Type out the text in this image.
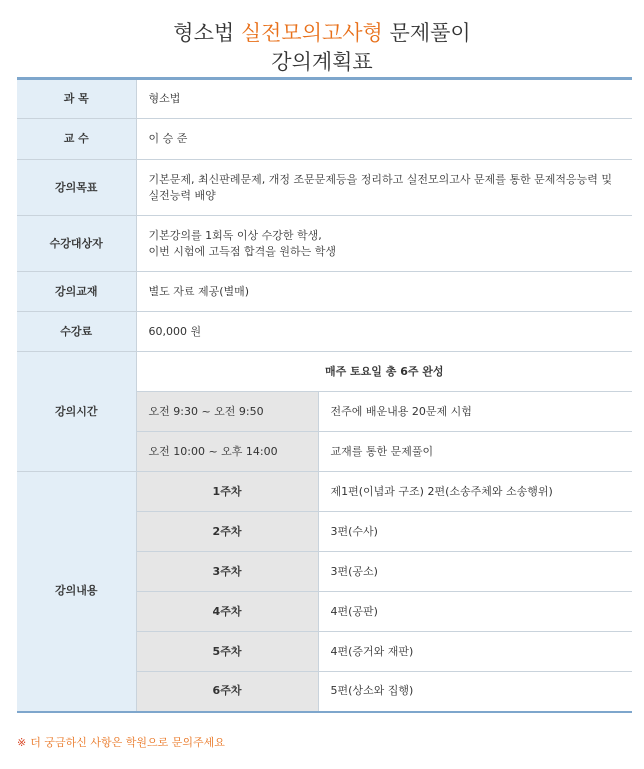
형소법 실전모의고사형 문제풀이
강의계획표
과 목	형소법	
교 수	이 승 준	
강의목표	기본문제, 최신판례문제, 개정 조문문제등을 정리하고 실전모의고사 문제를 통한 문제적응능력 및 실전능력 배양	
수강대상자	기본강의를 1회독 이상 수강한 학생,
이번 시험에 고득점 합격을 원하는 학생	

강의교재	별도 자료 제공(별매)	
수강료	60,000 원	
강의시간	매주 토요일 총 6주 완성	
	오전 9:30 ~ 오전 9:50	전주에 배운내용 20문제 시험
	오전 10:00 ~ 오후 14:00	교재를 통한 문제풀이
강의내용	1주차	제1편(이념과 구조) 2편(소송주체와 소송행위)
	2주차	3편(수사)
	3주차	3편(공소)
	4주차	4편(공판)
	5주차	4편(증거와 재판)
	6주차	5편(상소와 집행)
※ 더 궁금하신 사항은 학원으로 문의주세요
